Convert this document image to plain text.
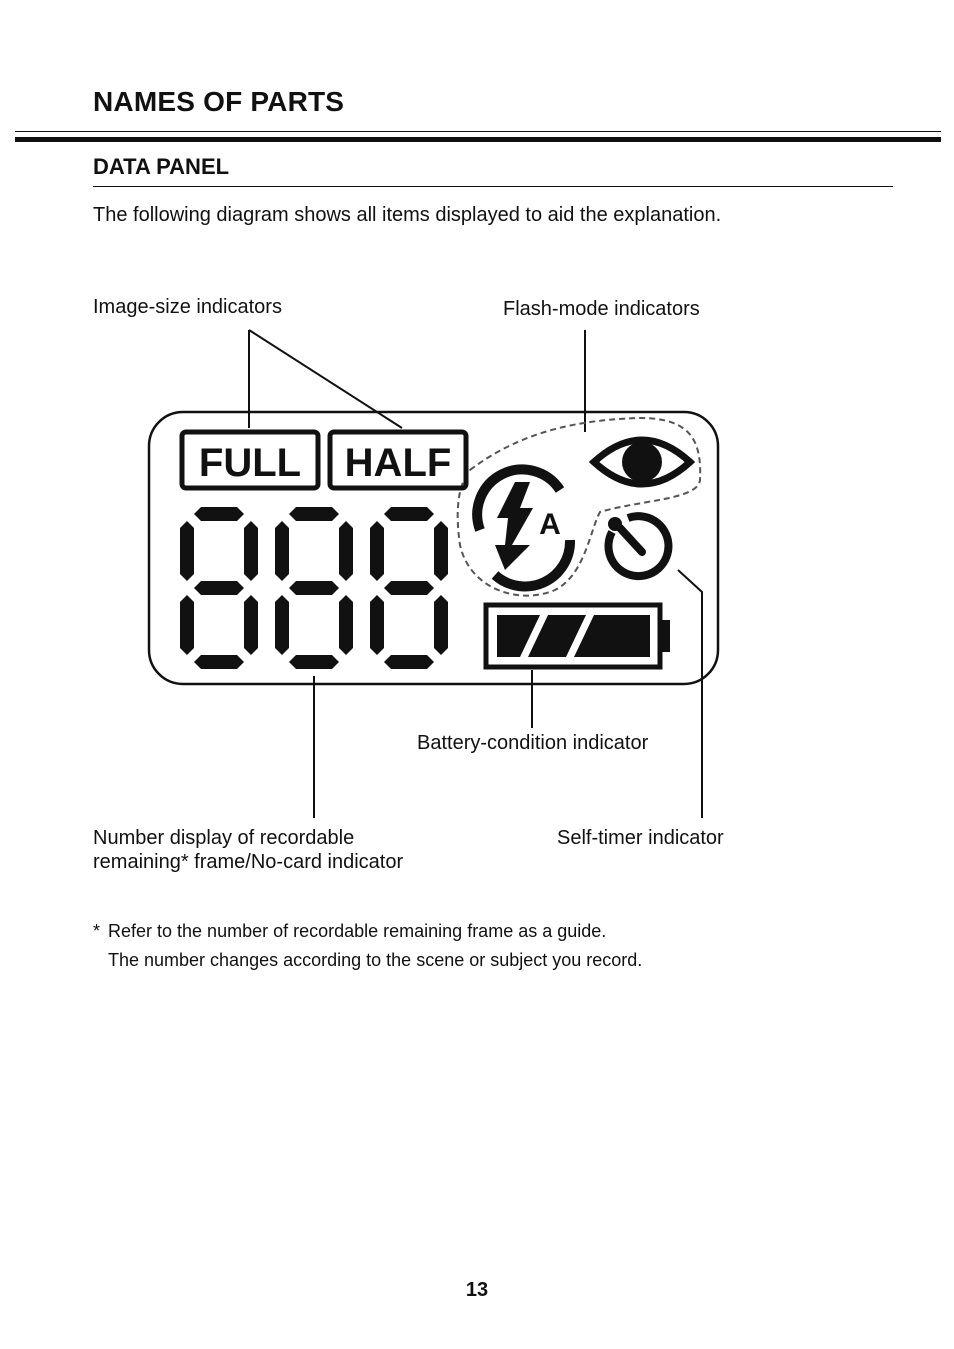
NAMES OF PARTS
DATA PANEL
The following diagram shows all items displayed to aid the explanation.
FULL HALF
A
Image-size indicators	Flash-mode indicators
Battery-condition indicator
Number display of recordable
remaining* frame/No-card indicator
Self-timer indicator
* Refer to the number of recordable remaining frame as a guide.
The number changes according to the scene or subject you record.
13
